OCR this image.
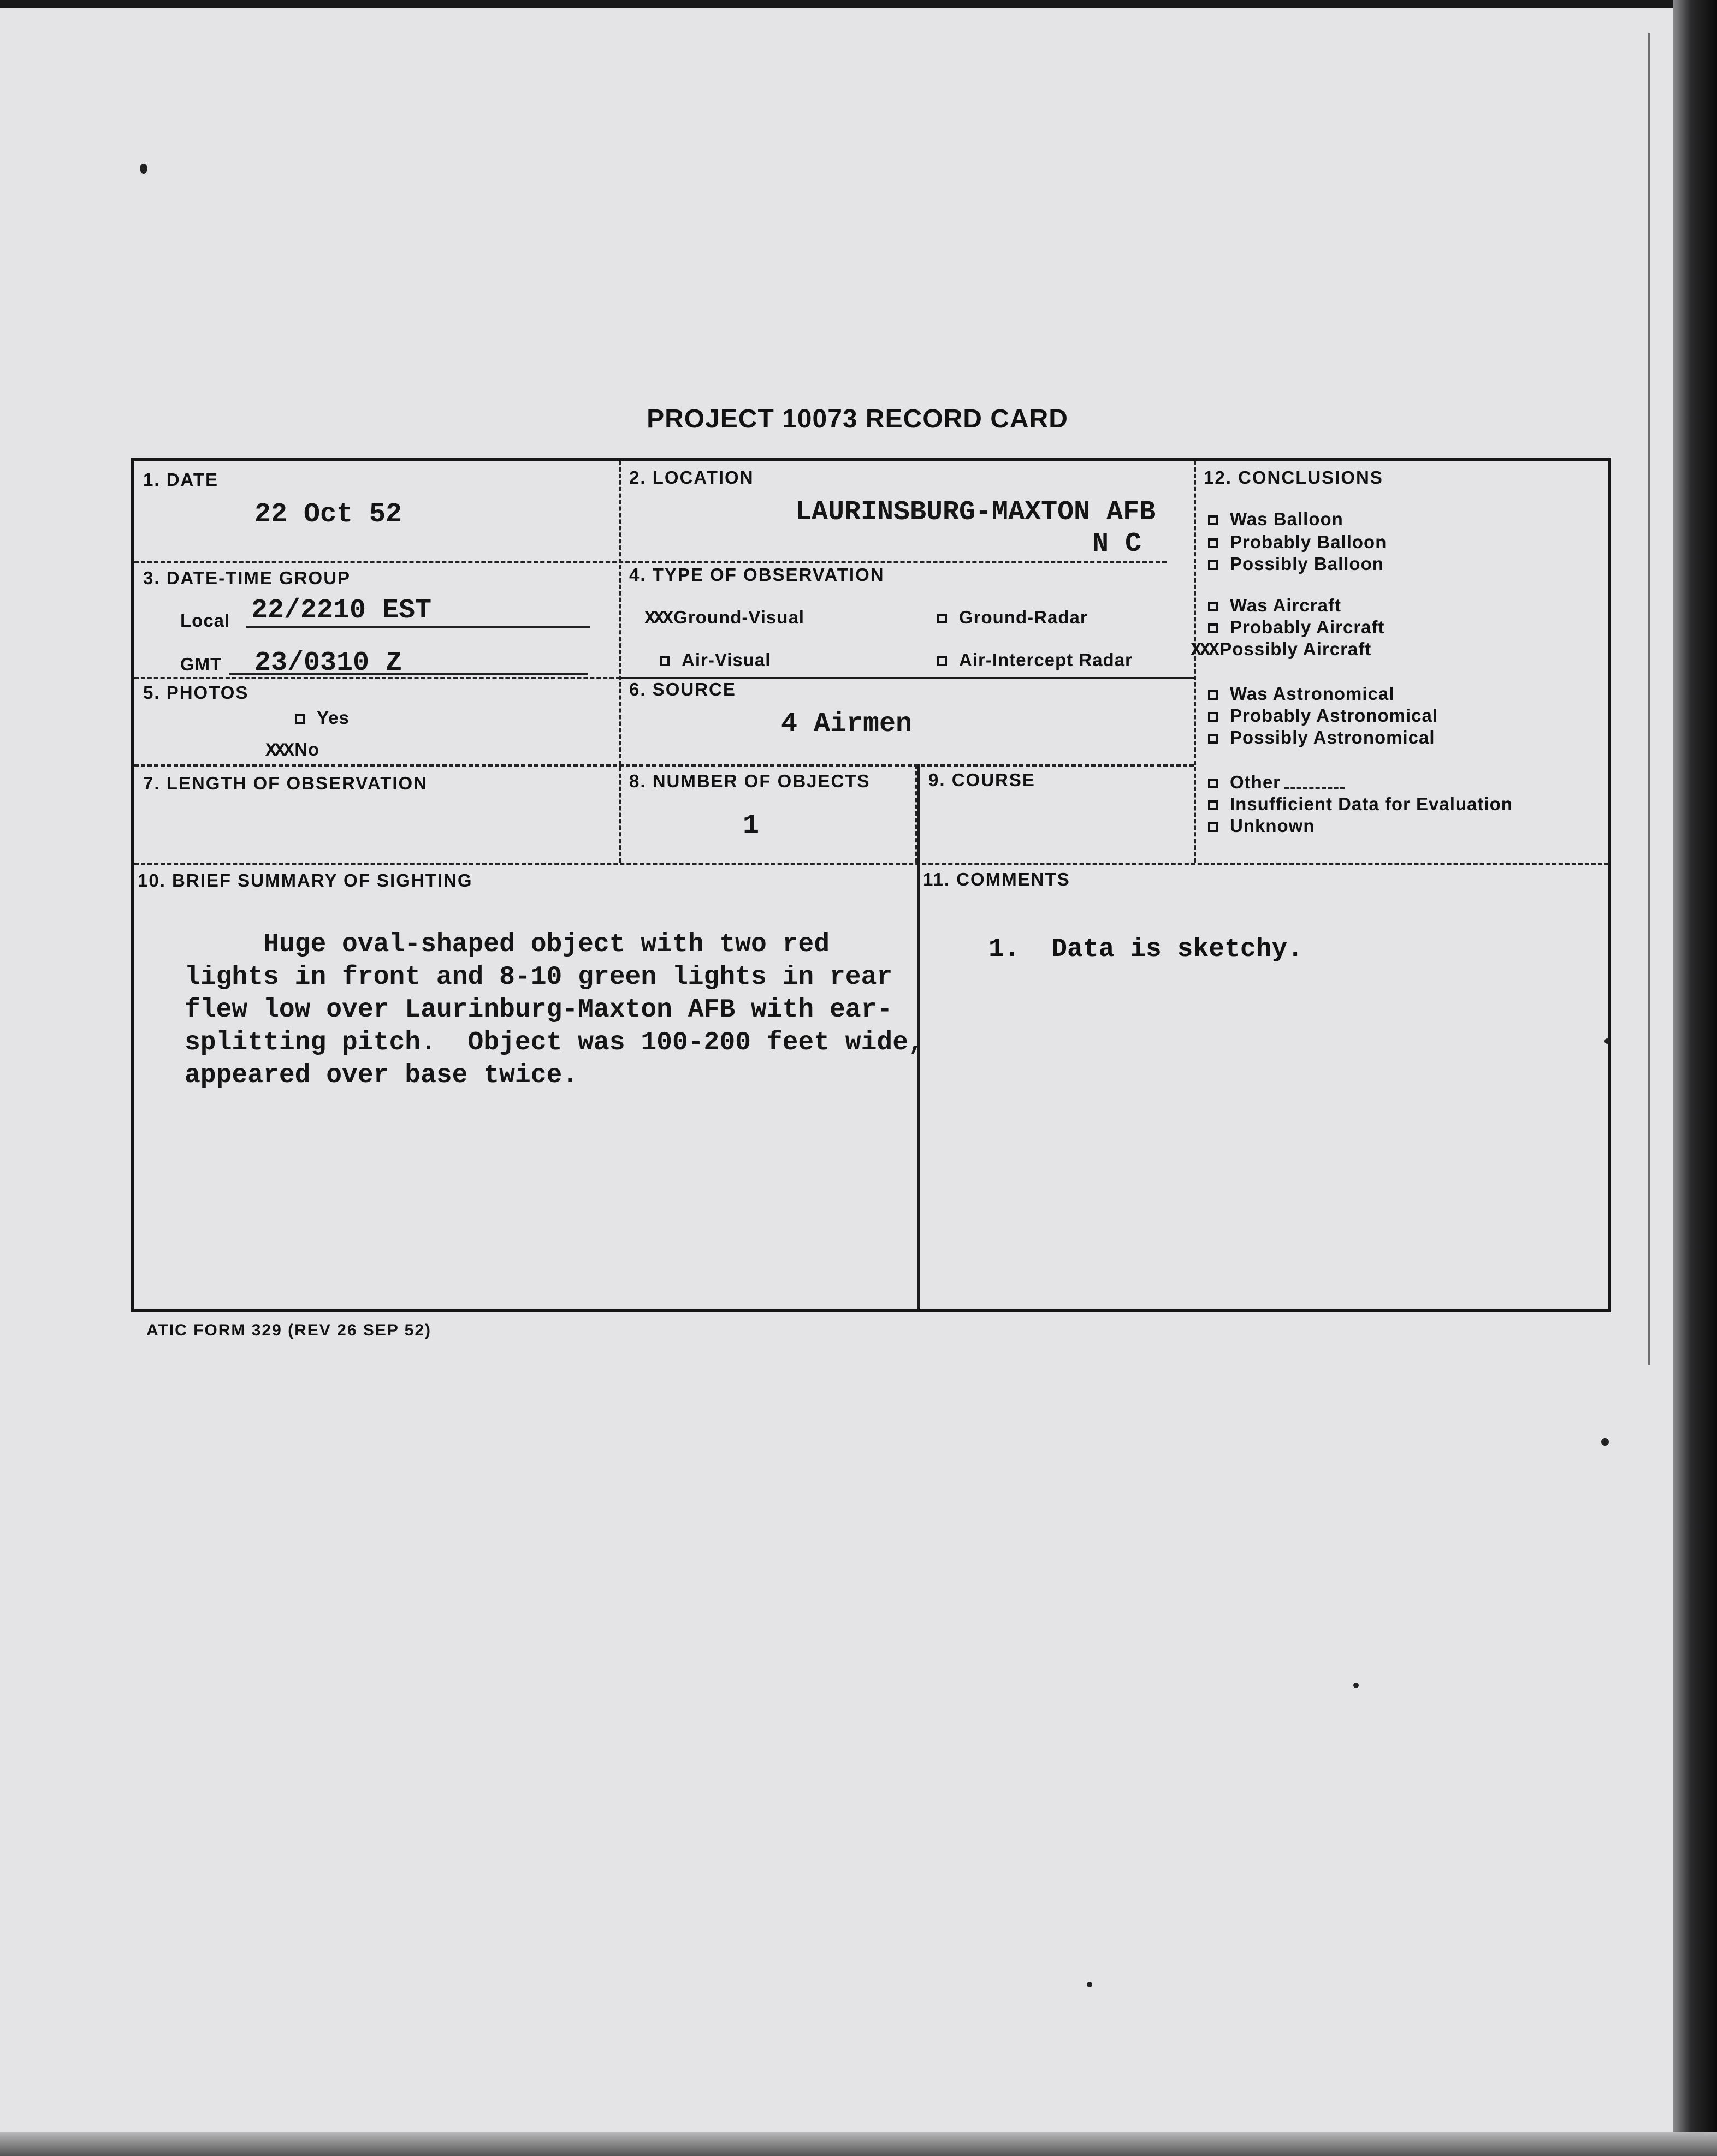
PROJECT 10073 RECORD CARD
1. DATE
22 Oct 52
2. LOCATION
LAURINSBURG-MAXTON AFB
N C
3. DATE-TIME GROUP
Local 22/2210 EST
GMT 23/0310 Z
4. TYPE OF OBSERVATION
XXX Ground-Visual	Ground-Radar
Air-Visual	Air-Intercept Radar
5. PHOTOS
Yes
XXX No
6. SOURCE
4 Airmen
7. LENGTH OF OBSERVATION	8. NUMBER OF OBJECTS
1
9. COURSE
12. CONCLUSIONS
Was Balloon
Probably Balloon
Possibly Balloon
Was Aircraft
Probably Aircraft
XXX Possibly Aircraft
Was Astronomical
Probably Astronomical
Possibly Astronomical
Other
Insufficient Data for Evaluation
Unknown
10. BRIEF SUMMARY OF SIGHTING
Huge oval-shaped object with two red
lights in front and 8-10 green lights in rear
flew low over Laurinburg-Maxton AFB with ear-
splitting pitch.  Object was 100-200 feet wide,
appeared over base twice.
11. COMMENTS
1.  Data is sketchy.
ATIC FORM 329 (REV 26 SEP 52)
